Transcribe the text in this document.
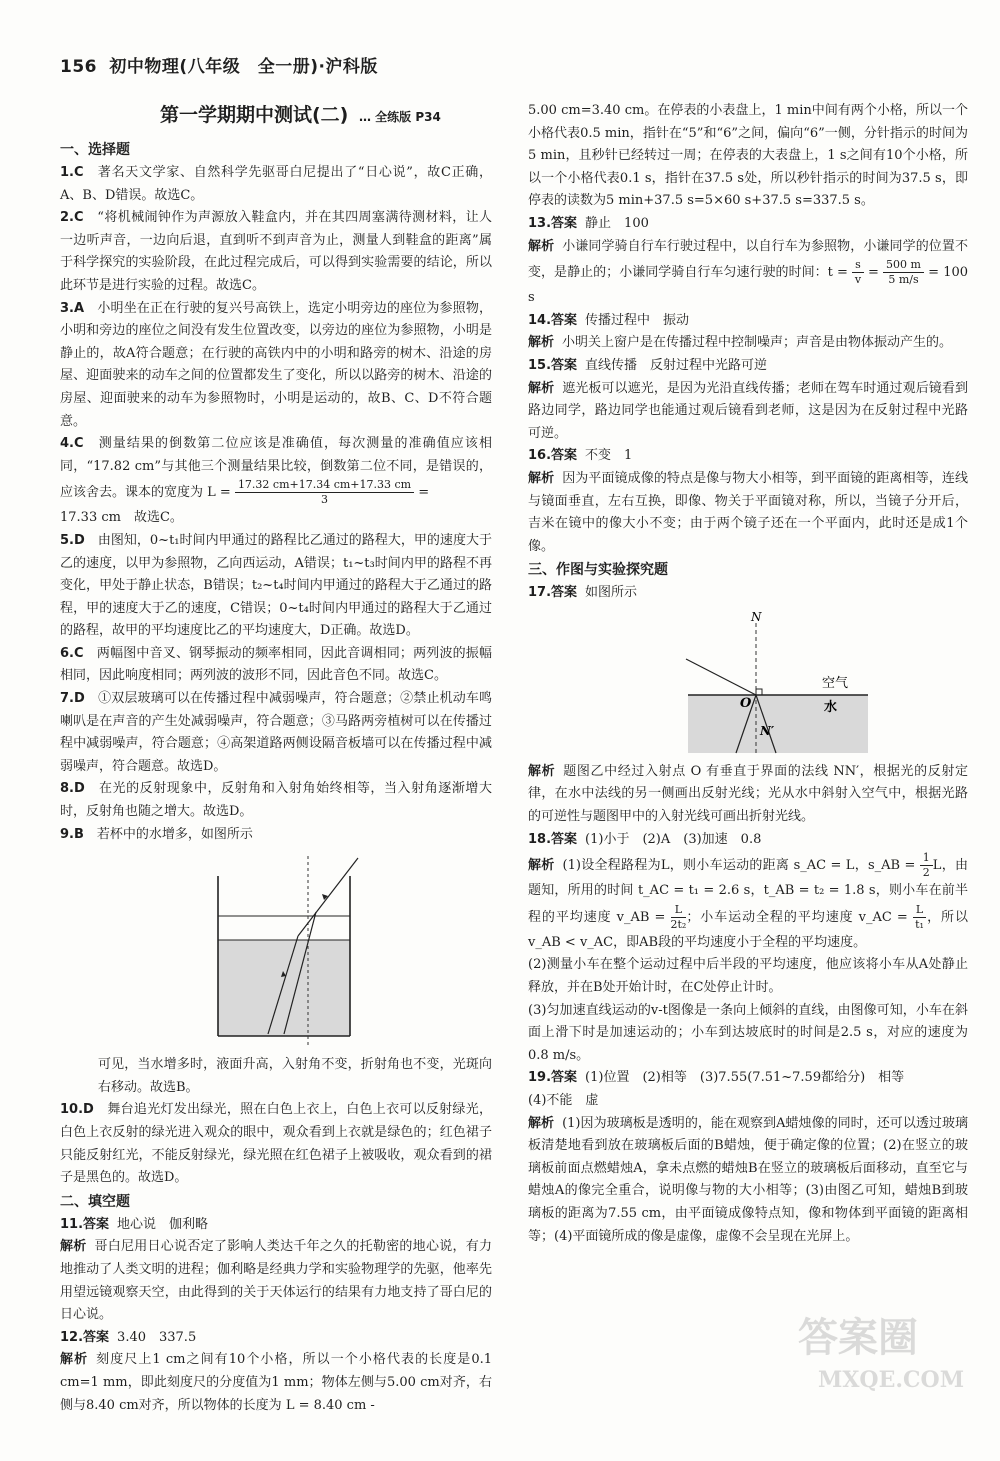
156 初中物理(八年级　全一册)·沪科版
第一学期期中测试(二) … 全练版 P34

一、选择题

1.C　 著名天文学家、自然科学先驱哥白尼提出了“日心说”，故C正确，A、B、D错误。故选C。

2.C　 “将机械闹钟作为声源放入鞋盒内，并在其四周塞满待测材料，让人一边听声音，一边向后退，直到听不到声音为止，测量人到鞋盒的距离”属于科学探究的实验阶段，在此过程完成后，可以得到实验需要的结论，所以此环节是进行实验的过程。故选C。

3.A　 小明坐在正在行驶的复兴号高铁上，选定小明旁边的座位为参照物，小明和旁边的座位之间没有发生位置改变，以旁边的座位为参照物，小明是静止的，故A符合题意；在行驶的高铁内中的小明和路旁的树木、沿途的房屋、迎面驶来的动车之间的位置都发生了变化，所以以路旁的树木、沿途的房屋、迎面驶来的动车为参照物时，小明是运动的，故B、C、D不符合题意。

4.C　 测量结果的倒数第二位应该是准确值，每次测量的准确值应该相同，“17.82 cm”与其他三个测量结果比较，倒数第二位不同，是错误的，应该舍去。课本的宽度为 $L = \frac{17.32 cm+17.34 cm+17.33 cm}{3}$ =
17.33 cm　故选C。

5.D　 由图知，0~t₁时间内甲通过的路程比乙通过的路程大，甲的速度大于乙的速度，以甲为参照物，乙向西运动，A错误；t₁~t₃时间内甲的路程不再变化，甲处于静止状态，B错误；t₂~t₄时间内甲通过的路程大于乙通过的路程，甲的速度大于乙的速度，C错误；0~t₄时间内甲通过的路程大于乙通过的路程，故甲的平均速度比乙的平均速度大，D正确。故选D。

6.C　 两幅图中音叉、钢琴振动的频率相同，因此音调相同；两列波的振幅相同，因此响度相同；两列波的波形不同，因此音色不同。故选C。

7.D　 ①双层玻璃可以在传播过程中减弱噪声，符合题意；②禁止机动车鸣喇叭是在声音的产生处减弱噪声，符合题意；③马路两旁植树可以在传播过程中减弱噪声，符合题意；④高架道路两侧设隔音板墙可以在传播过程中减弱噪声，符合题意。故选D。

8.D　 在光的反射现象中，反射角和入射角始终相等，当入射角逐渐增大时，反射角也随之增大。故选D。

9.B　 若杯中的水增多，如图所示

可见，当水增多时，液面升高，入射角不变，折射角也不变，光斑向右移动。故选B。

10.D　 舞台追光灯发出绿光，照在白色上衣上，白色上衣可以反射绿光，白色上衣反射的绿光进入观众的眼中，观众看到上衣就是绿色的；红色裙子只能反射红光，不能反射绿光，绿光照在红色裙子上被吸收，观众看到的裙子是黑色的。故选D。

二、填空题

11.答案 地心说　伽利略

解析 哥白尼用日心说否定了影响人类达千年之久的托勒密的地心说，有力地推动了人类文明的进程；伽利略是经典力学和实验物理学的先驱，他率先用望远镜观察天空，由此得到的关于天体运行的结果有力地支持了哥白尼的日心说。

12.答案 3.40　337.5

解析 刻度尺上1 cm之间有10个小格，所以一个小格代表的长度是0.1 cm=1 mm，即此刻度尺的分度值为1 mm；物体左侧与5.00 cm对齐，右侧与8.40 cm对齐，所以物体的长度为 L = 8.40 cm -

5.00 cm=3.40 cm。在停表的小表盘上，1 min中间有两个小格，所以一个小格代表0.5 min，指针在“5”和“6”之间，偏向“6”一侧，分针指示的时间为5 min，且秒针已经转过一周；在停表的大表盘上，1 s之间有10个小格，所以一个小格代表0.1 s，指针在37.5 s处，所以秒针指示的时间为37.5 s，即停表的读数为5 min+37.5 s=5×60 s+37.5 s=337.5 s。

13.答案 静止　100

解析 小谦同学骑自行车行驶过程中，以自行车为参照物，小谦同学的位置不变，是静止的；小谦同学骑自行车匀速行驶的时间：$t = \frac{s}{v} = \frac{500 m}{5 m/s} = 100$ s

14.答案 传播过程中　振动

解析 小明关上窗户是在传播过程中控制噪声；声音是由物体振动产生的。

15.答案 直线传播　反射过程中光路可逆

解析 遮光板可以遮光，是因为光沿直线传播；老师在驾车时通过观后镜看到路边同学，路边同学也能通过观后镜看到老师，这是因为在反射过程中光路可逆。

16.答案 不变　1

解析 因为平面镜成像的特点是像与物大小相等，到平面镜的距离相等，连线与镜面垂直，左右互换，即像、物关于平面镜对称，所以，当镜子分开后，吉米在镜中的像大小不变；由于两个镜子还在一个平面内，此时还是成1个像。

三、作图与实验探究题

17.答案 如图所示

N
N′
O
空气
水

解析 题图乙中经过入射点 O 有垂直于界面的法线 NN′，根据光的反射定律，在水中法线的另一侧画出反射光线；光从水中斜射入空气中，根据光路的可逆性与题图甲中的入射光线可画出折射光线。

18.答案 (1)小于　(2)A　(3)加速　0.8

解析 (1)设全程路程为L，则小车运动的距离 s_AC = L，s_AB = $\frac{1}{2}$ L，由题知，所用的时间 t_AC = t₁ = 2.6 s，t_AB = t₂ = 1.8 s，则小车在前半程的平均速度 v_AB = $\frac{L}{\text{2t₂}}$ ；小车运动全程的平均速度 v_AC = $\frac{L}{\text{t₁}}$ ，所以 v_AB < v_AC，即AB段的平均速度小于全程的平均速度。

(2)测量小车在整个运动过程中后半段的平均速度，他应该将小车从A处静止释放，并在B处开始计时，在C处停止计时。

(3)匀加速直线运动的v-t图像是一条向上倾斜的直线，由图像可知，小车在斜面上滑下时是加速运动的；小车到达坡底时的时间是2.5 s，对应的速度为0.8 m/s。

19.答案 (1)位置　(2)相等　(3)7.55(7.51~7.59都给分)　相等
(4)不能　虚

解析 (1)因为玻璃板是透明的，能在观察到A蜡烛像的同时，还可以透过玻璃板清楚地看到放在玻璃板后面的B蜡烛，便于确定像的位置；(2)在竖立的玻璃板前面点燃蜡烛A，拿未点燃的蜡烛B在竖立的玻璃板后面移动，直至它与蜡烛A的像完全重合，说明像与物的大小相等；(3)由图乙可知，蜡烛B到玻璃板的距离为7.55 cm，由平面镜成像特点知，像和物体到平面镜的距离相等；(4)平面镜所成的像是虚像，虚像不会呈现在光屏上。

答案圈
MXQE.COM
